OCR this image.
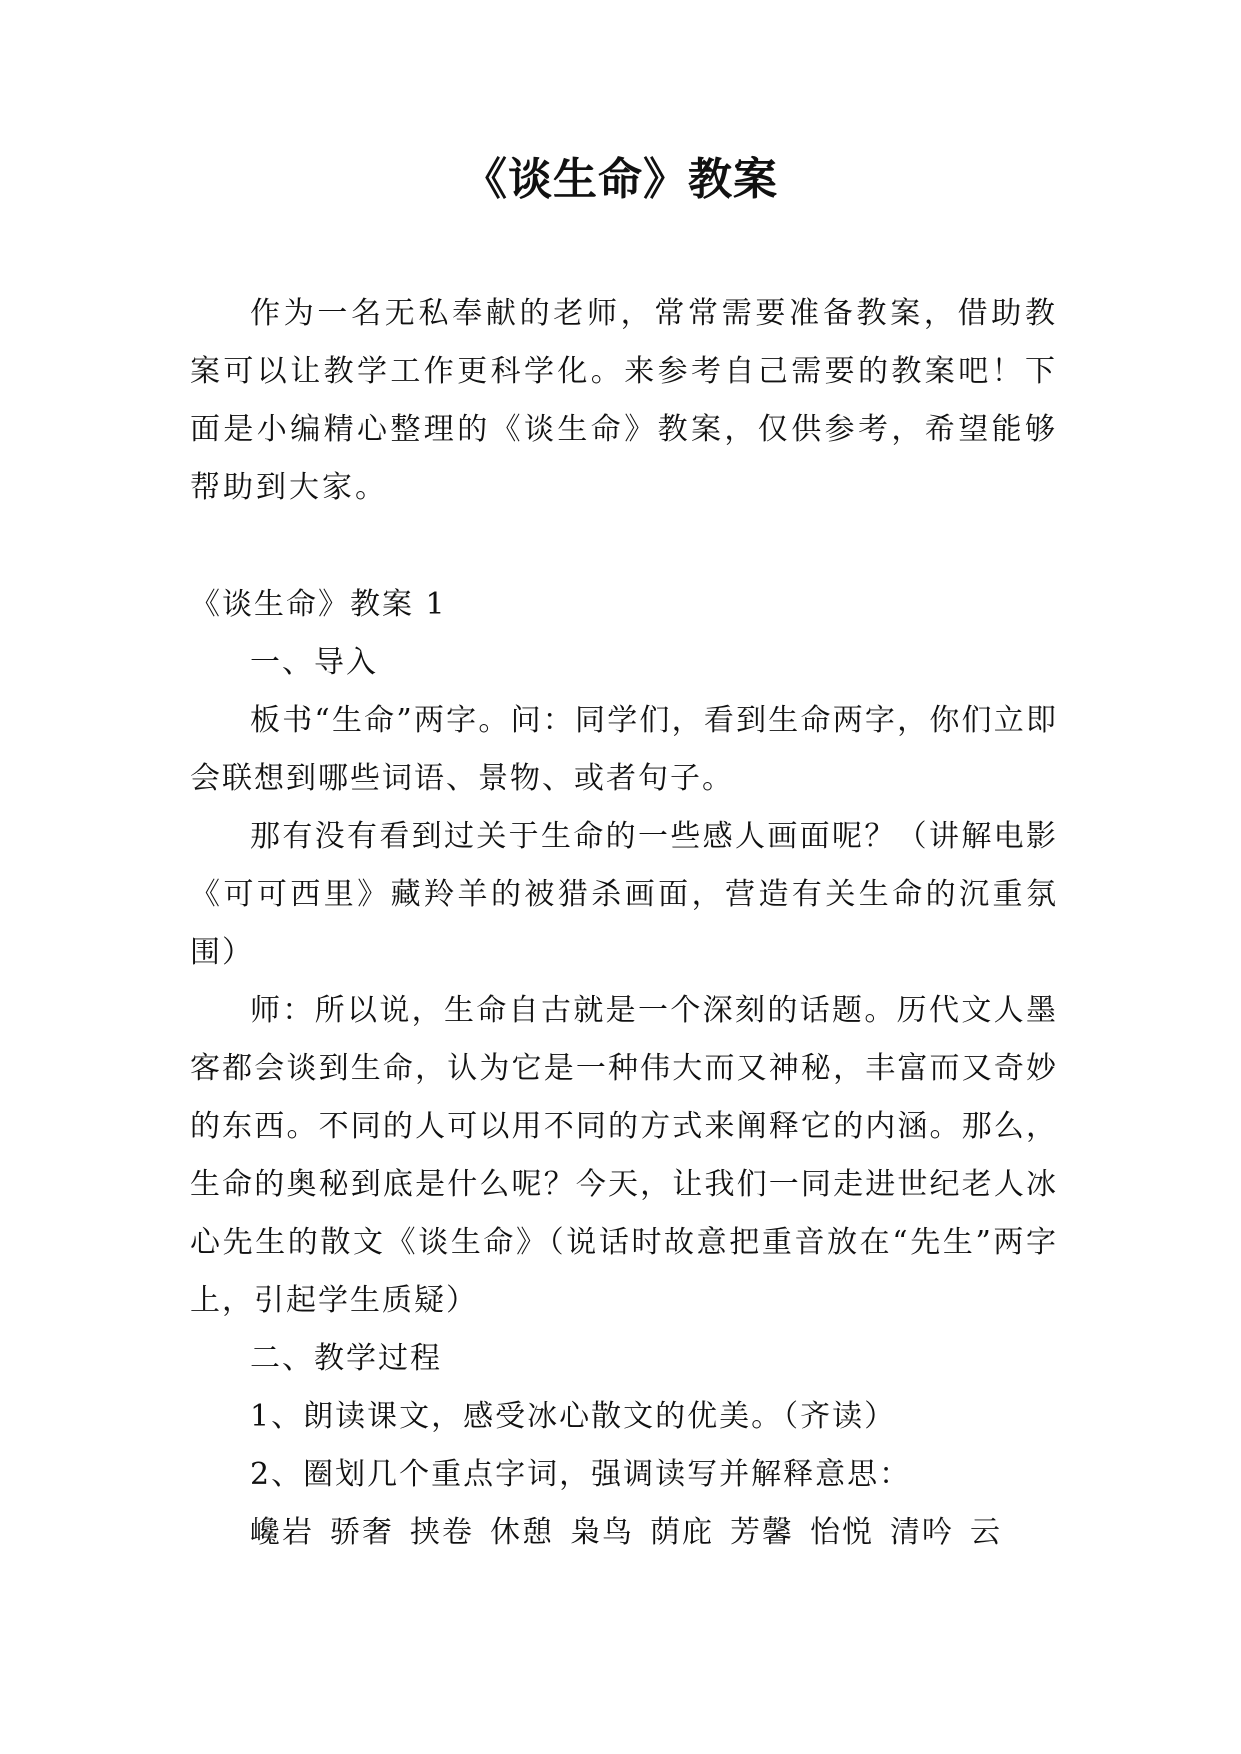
《谈生命》教案

作为一名无私奉献的老师，常常需要准备教案，借助教案可以让教学工作更科学化。来参考自己需要的教案吧！下面是小编精心整理的《谈生命》教案，仅供参考，希望能够帮助到大家。

《谈生命》教案 1

一、导入

板书“生命”两字。问：同学们，看到生命两字，你们立即会联想到哪些词语、景物、或者句子。

那有没有看到过关于生命的一些感人画面呢？（讲解电影《可可西里》藏羚羊的被猎杀画面，营造有关生命的沉重氛围）

师：所以说，生命自古就是一个深刻的话题。历代文人墨客都会谈到生命，认为它是一种伟大而又神秘，丰富而又奇妙的东西。不同的人可以用不同的方式来阐释它的内涵。那么，生命的奥秘到底是什么呢？今天，让我们一同走进世纪老人冰心先生的散文《谈生命》（说话时故意把重音放在“先生”两字上，引起学生质疑）

二、教学过程

1、朗读课文，感受冰心散文的优美。（齐读）

2、圈划几个重点字词，强调读写并解释意思：

巉岩 骄奢 挟卷 休憩 枭鸟 荫庇 芳馨 怡悦 清吟 云
